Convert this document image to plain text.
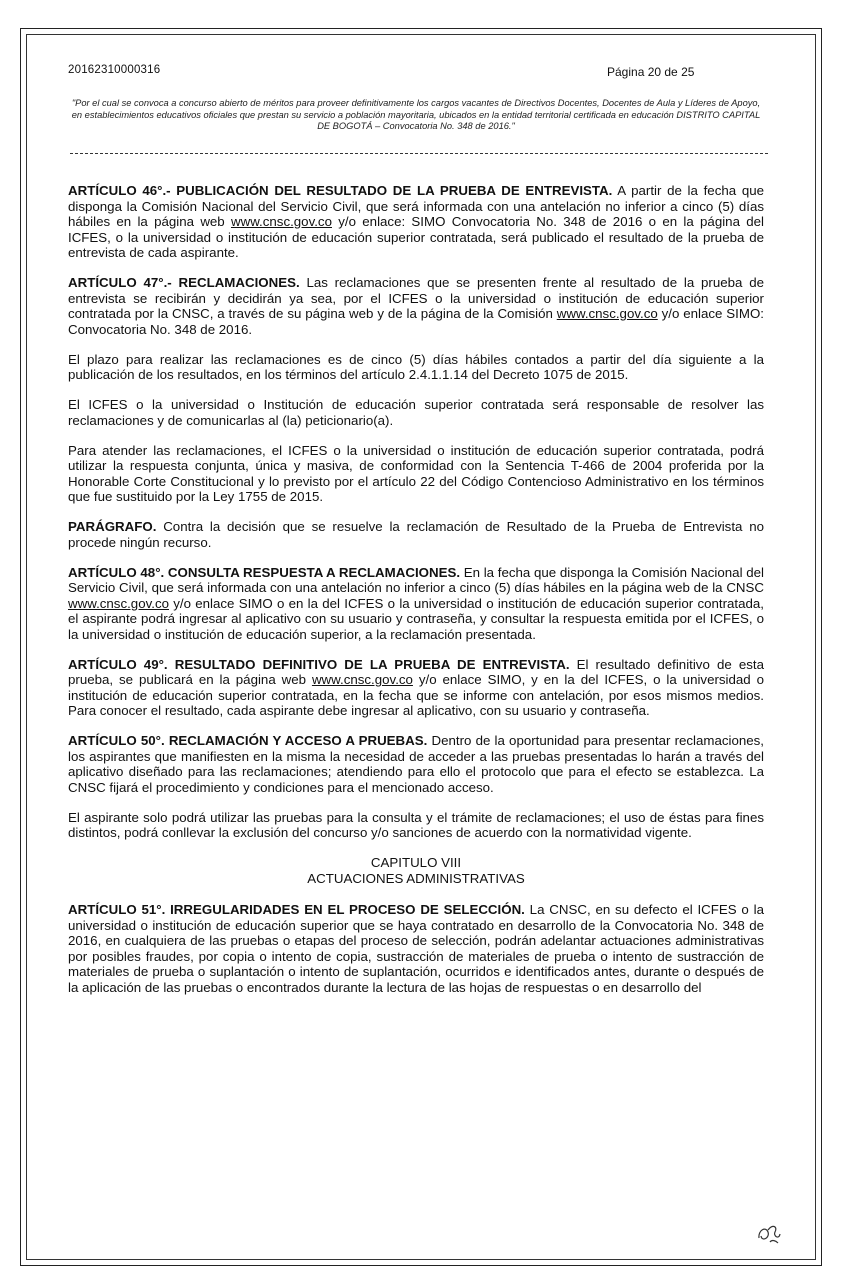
20162310000316	Página 20 de 25
"Por el cual se convoca a concurso abierto de méritos para proveer definitivamente los cargos vacantes de Directivos Docentes, Docentes de Aula y Líderes de Apoyo, en establecimientos educativos oficiales que prestan su servicio a población mayoritaria, ubicados en la entidad territorial certificada en educación DISTRITO CAPITAL DE BOGOTÁ – Convocatoria No. 348 de 2016."

ARTÍCULO 46°.- PUBLICACIÓN DEL RESULTADO DE LA PRUEBA DE ENTREVISTA. A partir de la fecha que disponga la Comisión Nacional del Servicio Civil, que será informada con una antelación no inferior a cinco (5) días hábiles en la página web www.cnsc.gov.co y/o enlace: SIMO Convocatoria No. 348 de 2016 o en la página del ICFES, o la universidad o institución de educación superior contratada, será publicado el resultado de la prueba de entrevista de cada aspirante.

ARTÍCULO 47°.- RECLAMACIONES. Las reclamaciones que se presenten frente al resultado de la prueba de entrevista se recibirán y decidirán ya sea, por el ICFES o la universidad o institución de educación superior contratada por la CNSC, a través de su página web y de la página de la Comisión www.cnsc.gov.co y/o enlace SIMO: Convocatoria No. 348 de 2016.

El plazo para realizar las reclamaciones es de cinco (5) días hábiles contados a partir del día siguiente a la publicación de los resultados, en los términos del artículo 2.4.1.1.14 del Decreto 1075 de 2015.

El ICFES o la universidad o Institución de educación superior contratada será responsable de resolver las reclamaciones y de comunicarlas al (la) peticionario(a).

Para atender las reclamaciones, el ICFES o la universidad o institución de educación superior contratada, podrá utilizar la respuesta conjunta, única y masiva, de conformidad con la Sentencia T-466 de 2004 proferida por la Honorable Corte Constitucional y lo previsto por el artículo 22 del Código Contencioso Administrativo en los términos que fue sustituido por la Ley 1755 de 2015.

PARÁGRAFO. Contra la decisión que se resuelve la reclamación de Resultado de la Prueba de Entrevista no procede ningún recurso.

ARTÍCULO 48°. CONSULTA RESPUESTA A RECLAMACIONES. En la fecha que disponga la Comisión Nacional del Servicio Civil, que será informada con una antelación no inferior a cinco (5) días hábiles en la página web de la CNSC www.cnsc.gov.co y/o enlace SIMO o en la del ICFES o la universidad o institución de educación superior contratada, el aspirante podrá ingresar al aplicativo con su usuario y contraseña, y consultar la respuesta emitida por el ICFES, o la universidad o institución de educación superior, a la reclamación presentada.

ARTÍCULO 49°. RESULTADO DEFINITIVO DE LA PRUEBA DE ENTREVISTA. El resultado definitivo de esta prueba, se publicará en la página web www.cnsc.gov.co y/o enlace SIMO, y en la del ICFES, o la universidad o institución de educación superior contratada, en la fecha que se informe con antelación, por esos mismos medios. Para conocer el resultado, cada aspirante debe ingresar al aplicativo, con su usuario y contraseña.

ARTÍCULO 50°. RECLAMACIÓN Y ACCESO A PRUEBAS. Dentro de la oportunidad para presentar reclamaciones, los aspirantes que manifiesten en la misma la necesidad de acceder a las pruebas presentadas lo harán a través del aplicativo diseñado para las reclamaciones; atendiendo para ello el protocolo que para el efecto se establezca. La CNSC fijará el procedimiento y condiciones para el mencionado acceso.

El aspirante solo podrá utilizar las pruebas para la consulta y el trámite de reclamaciones; el uso de éstas para fines distintos, podrá conllevar la exclusión del concurso y/o sanciones de acuerdo con la normatividad vigente.

CAPITULO VIII
ACTUACIONES ADMINISTRATIVAS

ARTÍCULO 51°. IRREGULARIDADES EN EL PROCESO DE SELECCIÓN. La CNSC, en su defecto el ICFES o la universidad o institución de educación superior que se haya contratado en desarrollo de la Convocatoria No. 348 de 2016, en cualquiera de las pruebas o etapas del proceso de selección, podrán adelantar actuaciones administrativas por posibles fraudes, por copia o intento de copia, sustracción de materiales de prueba o intento de sustracción de materiales de prueba o suplantación o intento de suplantación, ocurridos e identificados antes, durante o después de la aplicación de las pruebas o encontrados durante la lectura de las hojas de respuestas o en desarrollo del
